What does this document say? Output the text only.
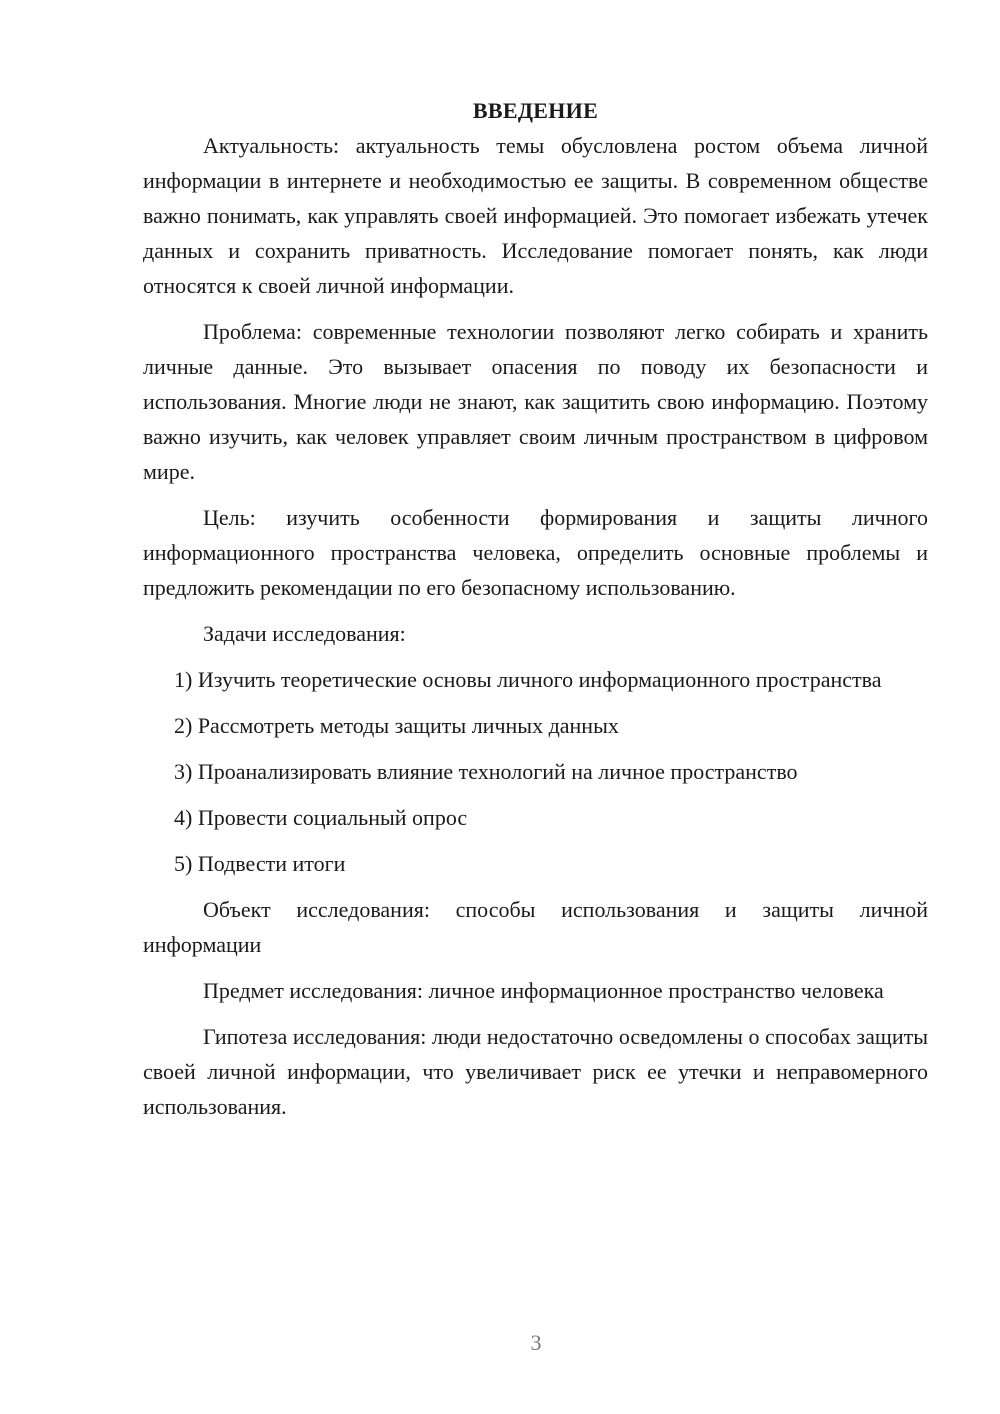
ВВЕДЕНИЕ

Актуальность: актуальность темы обусловлена ростом объема личной информации в интернете и необходимостью ее защиты. В современном обществе важно понимать, как управлять своей информацией. Это помогает избежать утечек данных и сохранить приватность. Исследование помогает понять, как люди относятся к своей личной информации.

Проблема: современные технологии позволяют легко собирать и хранить личные данные. Это вызывает опасения по поводу их безопасности и использования. Многие люди не знают, как защитить свою информацию. Поэтому важно изучить, как человек управляет своим личным пространством в цифровом мире.

Цель: изучить особенности формирования и защиты личного информационного пространства человека, определить основные проблемы и предложить рекомендации по его безопасному использованию.

Задачи исследования:

1) Изучить теоретические основы личного информационного пространства

2) Рассмотреть методы защиты личных данных

3) Проанализировать влияние технологий на личное пространство

4) Провести социальный опрос

5) Подвести итоги

Объект исследования: способы использования и защиты личной информации

Предмет исследования: личное информационное пространство человека

Гипотеза исследования: люди недостаточно осведомлены о способах защиты своей личной информации, что увеличивает риск ее утечки и неправомерного использования.

3
